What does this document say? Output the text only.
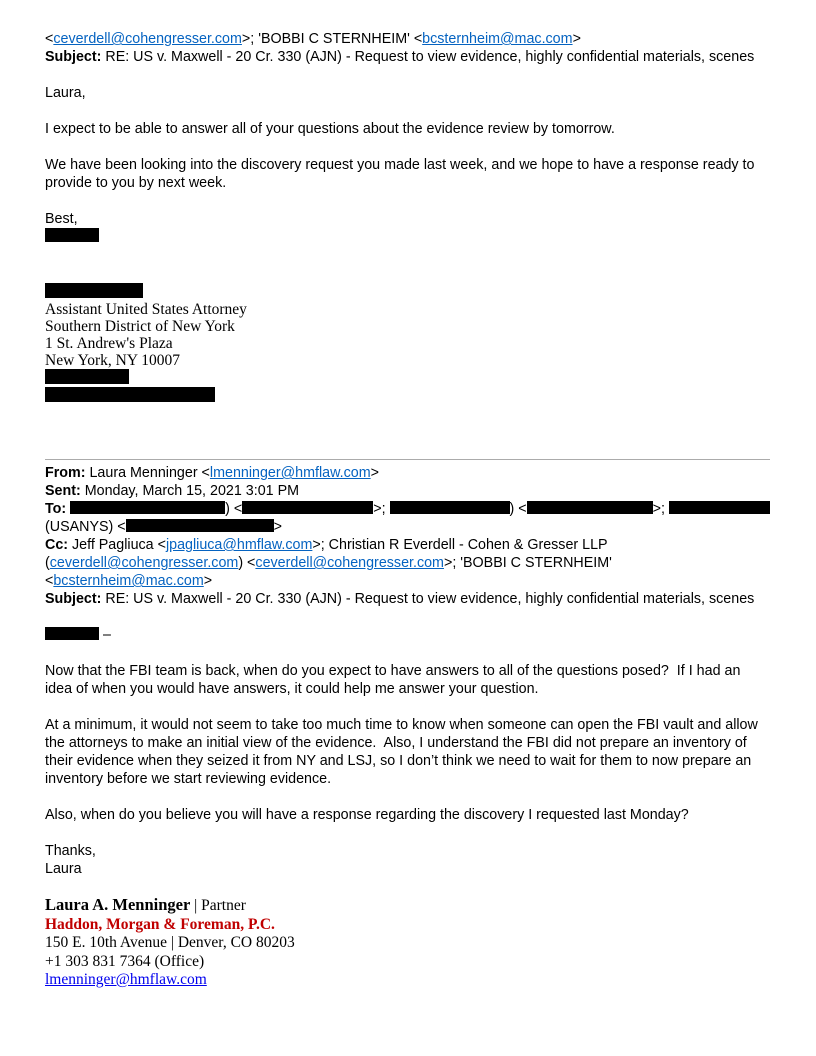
<ceverdell@cohengresser.com>; 'BOBBI C STERNHEIM' <bcsternheim@mac.com>

Subject: RE: US v. Maxwell - 20 Cr. 330 (AJN) - Request to view evidence, highly confidential materials, scenes

Laura,

I expect to be able to answer all of your questions about the evidence review by tomorrow.

We have been looking into the discovery request you made last week, and we hope to have a response ready to provide to you by next week.

Best,

Assistant United States Attorney
Southern District of New York
1 St. Andrew's Plaza
New York, NY 10007

From: Laura Menninger <lmenninger@hmflaw.com>

Sent: Monday, March 15, 2021 3:01 PM

To:	) <	>;	) <	>;

(USANYS) <	>

Cc: Jeff Pagliuca <jpagliuca@hmflaw.com>; Christian R Everdell - Cohen & Gresser LLP (ceverdell@cohengresser.com) <ceverdell@cohengresser.com>; 'BOBBI C STERNHEIM' <bcsternheim@mac.com>

Subject: RE: US v. Maxwell - 20 Cr. 330 (AJN) - Request to view evidence, highly confidential materials, scenes

–

Now that the FBI team is back, when do you expect to have answers to all of the questions posed?  If I had an idea of when you would have answers, it could help me answer your question.

At a minimum, it would not seem to take too much time to know when someone can open the FBI vault and allow the attorneys to make an initial view of the evidence.  Also, I understand the FBI did not prepare an inventory of their evidence when they seized it from NY and LSJ, so I don’t think we need to wait for them to now prepare an inventory before we start reviewing evidence.

Also, when do you believe you will have a response regarding the discovery I requested last Monday?

Thanks,

Laura

Laura A. Menninger | Partner
Haddon, Morgan & Foreman, P.C.
150 E. 10th Avenue | Denver, CO 80203
+1 303 831 7364 (Office)
lmenninger@hmflaw.com
